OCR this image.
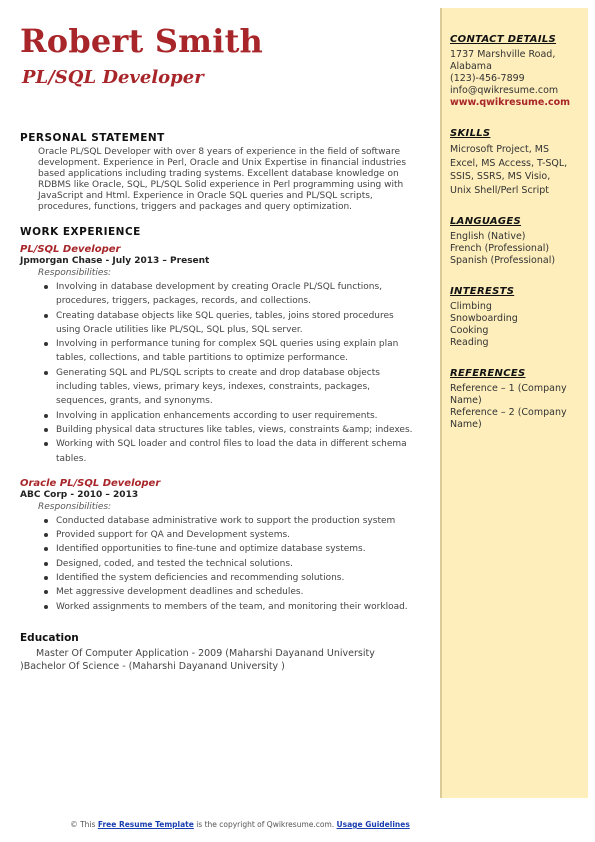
Robert Smith
PL/SQL Developer

PERSONAL STATEMENT

Oracle PL/SQL Developer with over 8 years of experience in the field of software development. Experience in Perl, Oracle and Unix Expertise in financial industries based applications including trading systems. Excellent database knowledge on RDBMS like Oracle, SQL, PL/SQL Solid experience in Perl programming using with JavaScript and Html. Experience in Oracle SQL queries and PL/SQL scripts, procedures, functions, triggers and packages and query optimization.

WORK EXPERIENCE

PL/SQL Developer

Jpmorgan Chase - July 2013 – Present

Responsibilities:

Involving in database development by creating Oracle PL/SQL functions, procedures, triggers, packages, records, and collections.
Creating database objects like SQL queries, tables, joins stored procedures using Oracle utilities like PL/SQL, SQL plus, SQL server.
Involving in performance tuning for complex SQL queries using explain plan tables, collections, and table partitions to optimize performance.
Generating SQL and PL/SQL scripts to create and drop database objects including tables, views, primary keys, indexes, constraints, packages, sequences, grants, and synonyms.
Involving in application enhancements according to user requirements.
Building physical data structures like tables, views, constraints &amp; indexes.
Working with SQL loader and control files to load the data in different schema tables.

Oracle PL/SQL Developer

ABC Corp - 2010 – 2013

Responsibilities:

Conducted database administrative work to support the production system
Provided support for QA and Development systems.
Identified opportunities to fine-tune and optimize database systems.
Designed, coded, and tested the technical solutions.
Identified the system deficiencies and recommending solutions.
Met aggressive development deadlines and schedules.
Worked assignments to members of the team, and monitoring their workload.

Education

Master Of Computer Application - 2009 (Maharshi Dayanand University )Bachelor Of Science - (Maharshi Dayanand University )

CONTACT DETAILS

1737 Marshville Road,

Alabama

(123)-456-7899

info@qwikresume.com

www.qwikresume.com

SKILLS

Microsoft Project, MS

Excel, MS Access, T-SQL,

SSIS, SSRS, MS Visio,

Unix Shell/Perl Script

LANGUAGES

English (Native)

French (Professional)

Spanish (Professional)

INTERESTS

Climbing

Snowboarding

Cooking

Reading

REFERENCES

Reference – 1 (Company

Name)

Reference – 2 (Company

Name)

© This Free Resume Template is the copyright of Qwikresume.com. Usage Guidelines
